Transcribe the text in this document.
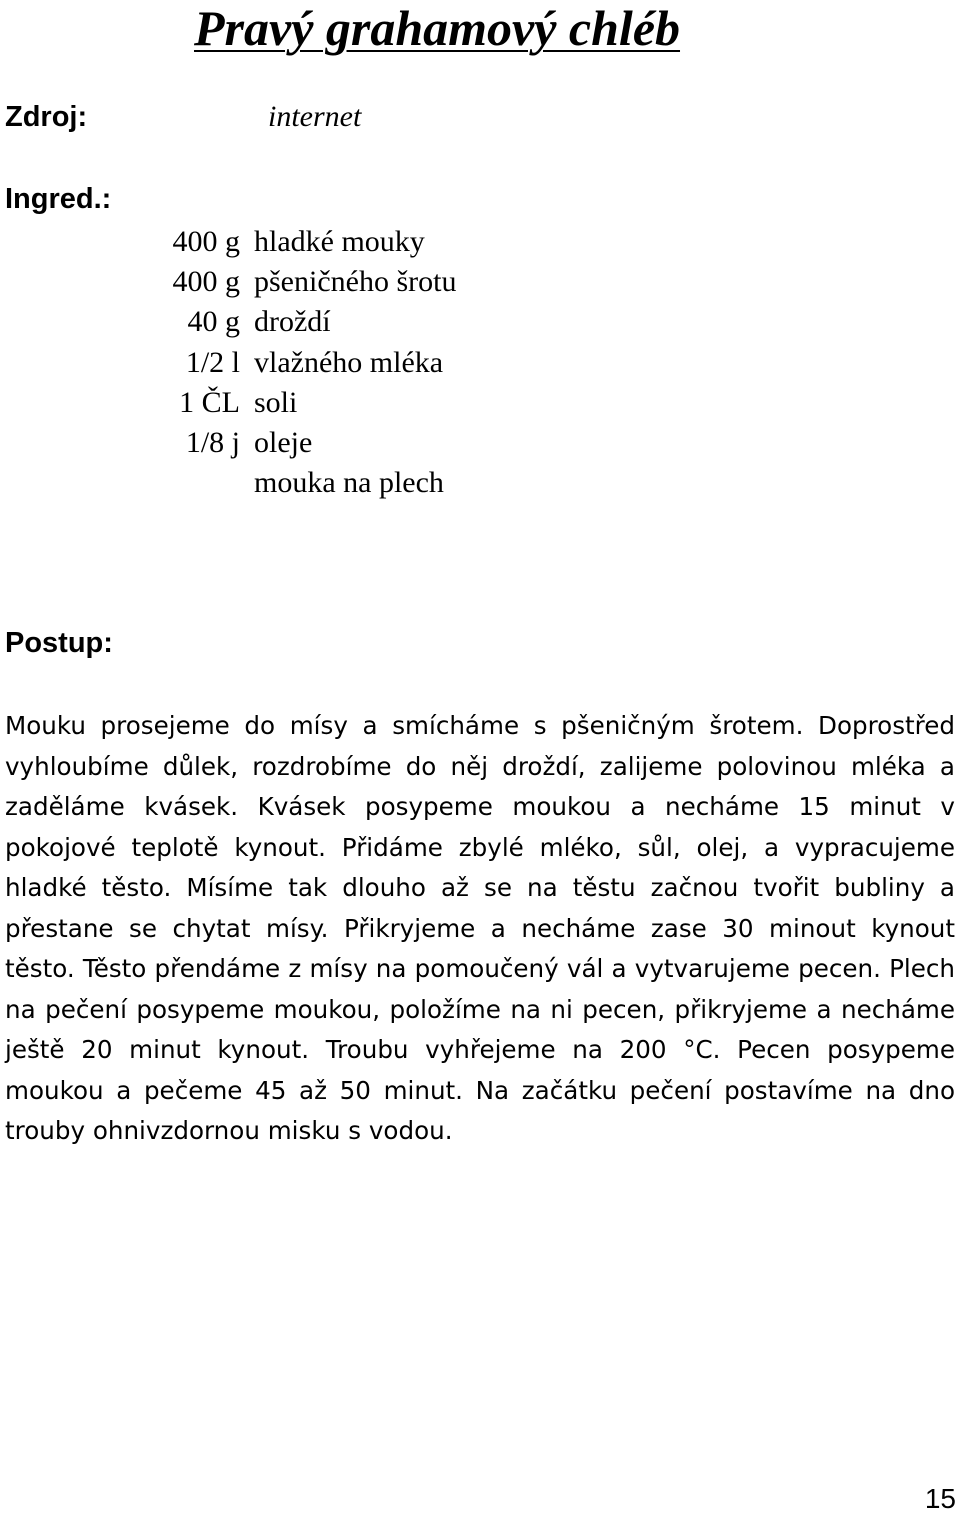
Pravý grahamový chléb
Zdroj:	internet
Ingred.:
400 g hladké mouky
400 g pšeničného šrotu
40 g droždí
1/2 l vlažného mléka
1 ČL soli
1/8 j oleje
mouka na plech
Postup:
Mouku prosejeme do mísy a smícháme s pšeničným šrotem. Doprostřed vyhloubíme důlek, rozdrobíme do něj droždí, zalijeme polovinou mléka a zaděláme kvásek. Kvásek posypeme moukou a necháme 15 minut v pokojové teplotě kynout. Přidáme zbylé mléko, sůl, olej, a vypracujeme hladké těsto. Mísíme tak dlouho až se na těstu začnou tvořit bubliny a přestane se chytat mísy. Přikryjeme a necháme zase 30 minout kynout těsto. Těsto přendáme z mísy na pomoučený vál a vytvarujeme pecen. Plech na pečení posypeme moukou, položíme na ni pecen, přikryjeme a necháme ještě 20 minut kynout. Troubu vyhřejeme na 200 °C. Pecen posypeme moukou a pečeme 45 až 50 minut. Na začátku pečení postavíme na dno trouby ohnivzdornou misku s vodou.
15
